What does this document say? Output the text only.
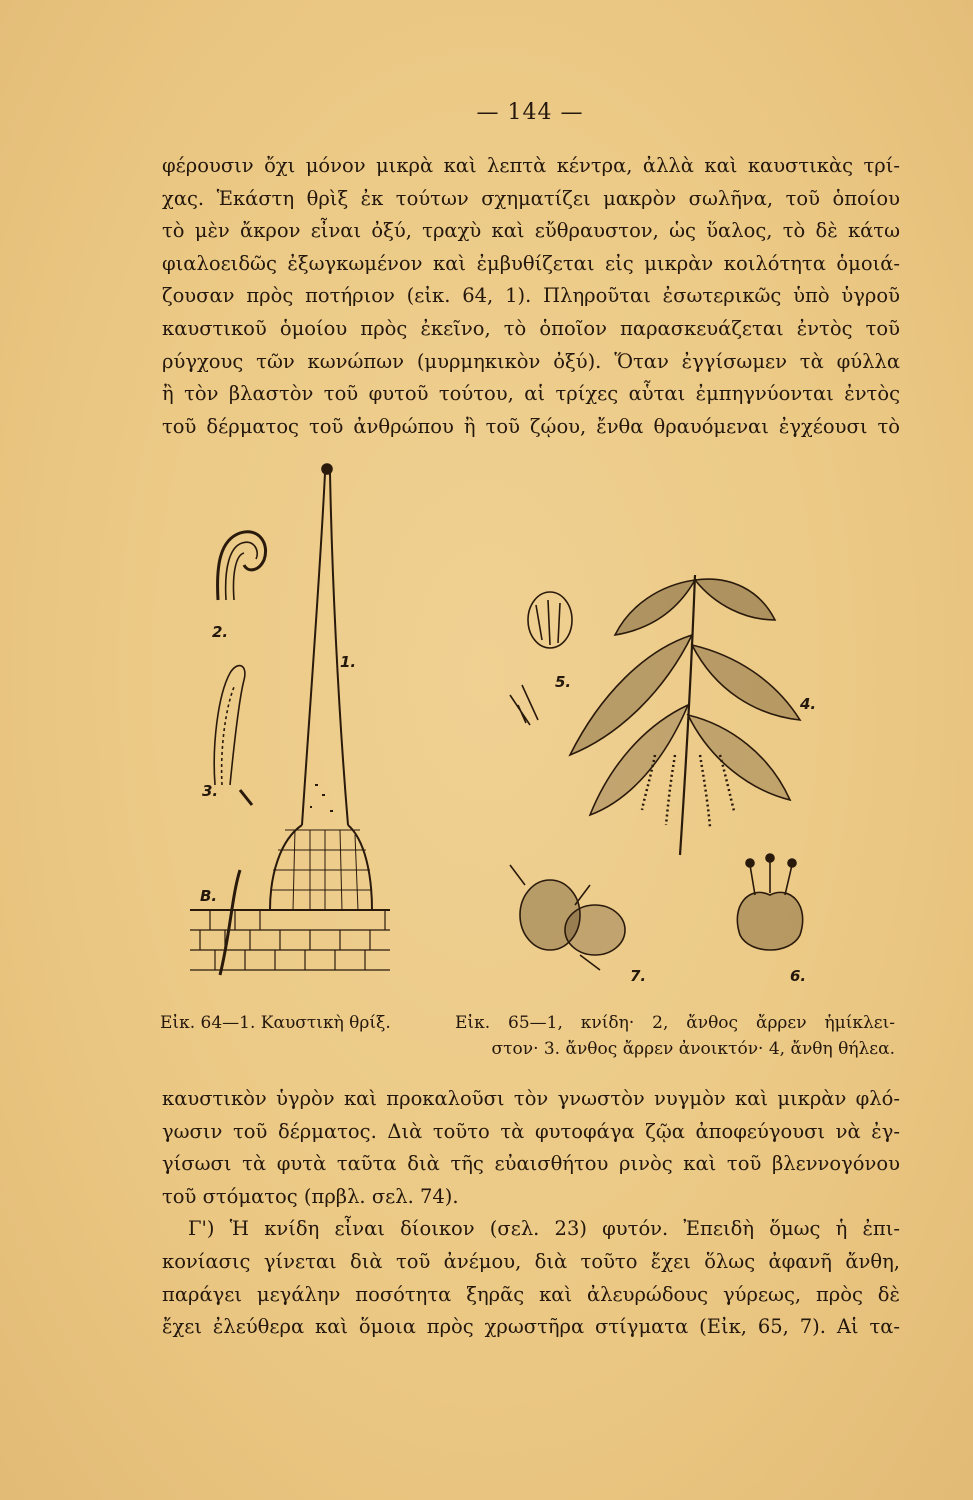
— 144 —
φέρουσιν ὄχι μόνον μικρὰ καὶ λεπτὰ κέντρα, ἀλλὰ καὶ καυστικὰς τρί-
χας. Ἑκάστη θρὶξ ἐκ τούτων σχηματίζει μακρὸν σωλῆνα, τοῦ ὁποίου
τὸ μὲν ἄκρον εἶναι ὀξύ, τραχὺ καὶ εὔθραυστον, ὡς ὕαλος, τὸ δὲ κάτω
φιαλοειδῶς ἐξωγκωμένον καὶ ἐμβυθίζεται εἰς μικρὰν κοιλότητα ὁμοιά-
ζουσαν πρὸς ποτήριον (εἰκ. 64, 1). Πληροῦται ἐσωτερικῶς ὑπὸ ὑγροῦ
καυστικοῦ ὁμοίου πρὸς ἐκεῖνο, τὸ ὁποῖον παρασκευάζεται ἐντὸς τοῦ
ρύγχους τῶν κωνώπων (μυρμηκικὸν ὀξύ). Ὅταν ἐγγίσωμεν τὰ φύλλα
ἢ τὸν βλαστὸν τοῦ φυτοῦ τούτου, αἱ τρίχες αὗται ἐμπηγνύονται ἐντὸς
τοῦ δέρματος τοῦ ἀνθρώπου ἢ τοῦ ζῴου, ἔνθα θραυόμεναι ἐγχέουσι τὸ
2.
1.
3.
B.
4.
5.
6.
7.
Εἰκ. 64—1. Καυστικὴ θρίξ.	Εἰκ. 65—1, κνίδη· 2, ἄνθος ἄρρεν ἡμίκλει-
στον· 3. ἄνθος ἄρρεν ἀνοικτόν· 4, ἄνθη θήλεα.
καυστικὸν ὑγρὸν καὶ προκαλοῦσι τὸν γνωστὸν νυγμὸν καὶ μικρὰν φλό-
γωσιν τοῦ δέρματος. Διὰ τοῦτο τὰ φυτοφάγα ζῷα ἀποφεύγουσι νὰ ἐγ-
γίσωσι τὰ φυτὰ ταῦτα διὰ τῆς εὐαισθήτου ρινὸς καὶ τοῦ βλεννογόνου
τοῦ στόματος (πρβλ. σελ. 74).
Γ') Ἡ κνίδη εἶναι δίοικον (σελ. 23) φυτόν. Ἐπειδὴ ὅμως ἡ ἐπι-
κονίασις γίνεται διὰ τοῦ ἀνέμου, διὰ τοῦτο ἔχει ὅλως ἀφανῆ ἄνθη,
παράγει μεγάλην ποσότητα ξηρᾶς καὶ ἀλευρώδους γύρεως, πρὸς δὲ
ἔχει ἐλεύθερα καὶ ὅμοια πρὸς χρωστῆρα στίγματα (Εἰκ, 65, 7). Αἱ τα-
